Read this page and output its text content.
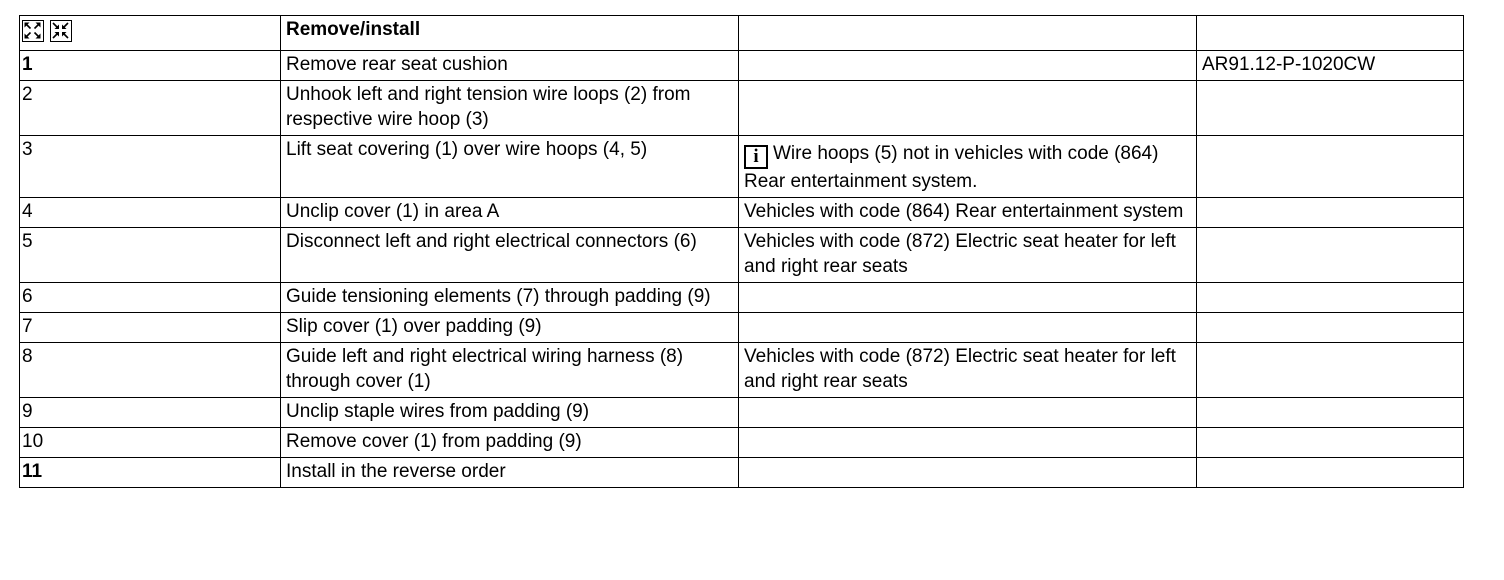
	Remove/install		
1	Remove rear seat cushion		AR91.12-P-1020CW
2	Unhook left and right tension wire loops (2) from respective wire hoop (3)		
3	Lift seat covering (1) over wire hoops (4, 5)	i Wire hoops (5) not in vehicles with code (864) Rear entertainment system.	
4	Unclip cover (1) in area A	Vehicles with code (864) Rear entertainment system	
5	Disconnect left and right electrical connectors (6)	Vehicles with code (872) Electric seat heater for left and right rear seats	
6	Guide tensioning elements (7) through padding (9)		
7	Slip cover (1) over padding (9)		
8	Guide left and right electrical wiring harness (8) through cover (1)	Vehicles with code (872) Electric seat heater for left and right rear seats	
9	Unclip staple wires from padding (9)		
10	Remove cover (1) from padding (9)		
11	Install in the reverse order		
